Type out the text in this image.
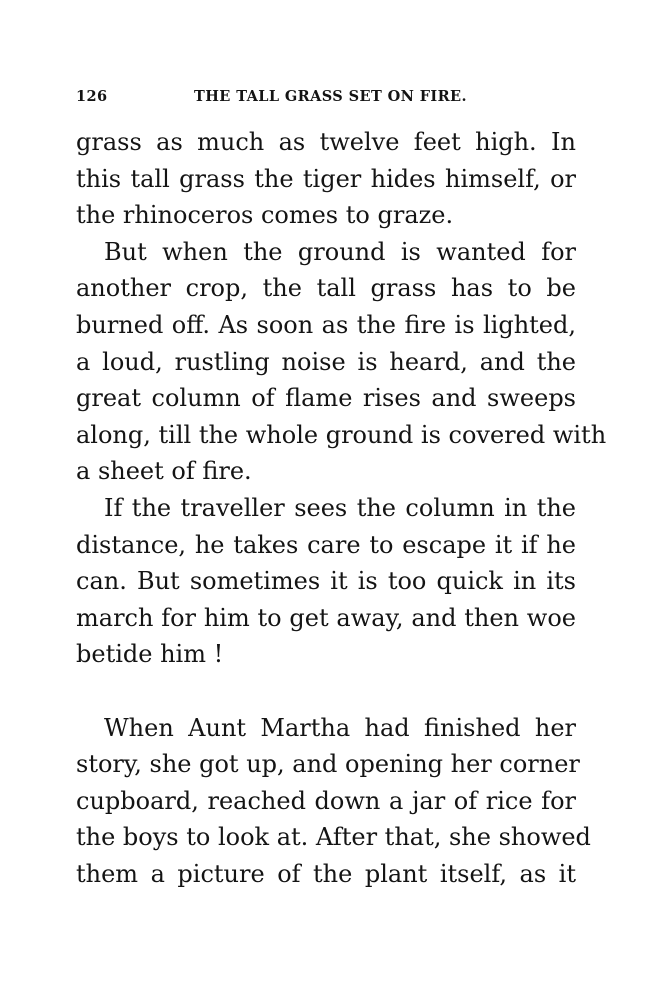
126	THE TALL GRASS SET ON FIRE.
grass as much as twelve feet high. In
this tall grass the tiger hides himself, or
the rhinoceros comes to graze.
But when the ground is wanted for
another crop, the tall grass has to be
burned off. As soon as the fire is lighted,
a loud, rustling noise is heard, and the
great column of flame rises and sweeps
along, till the whole ground is covered with
a sheet of fire.
If the traveller sees the column in the
distance, he takes care to escape it if he
can. But sometimes it is too quick in its
march for him to get away, and then woe
betide him !
When Aunt Martha had finished her
story, she got up, and opening her corner
cupboard, reached down a jar of rice for
the boys to look at. After that, she showed
them a picture of the plant itself, as it
